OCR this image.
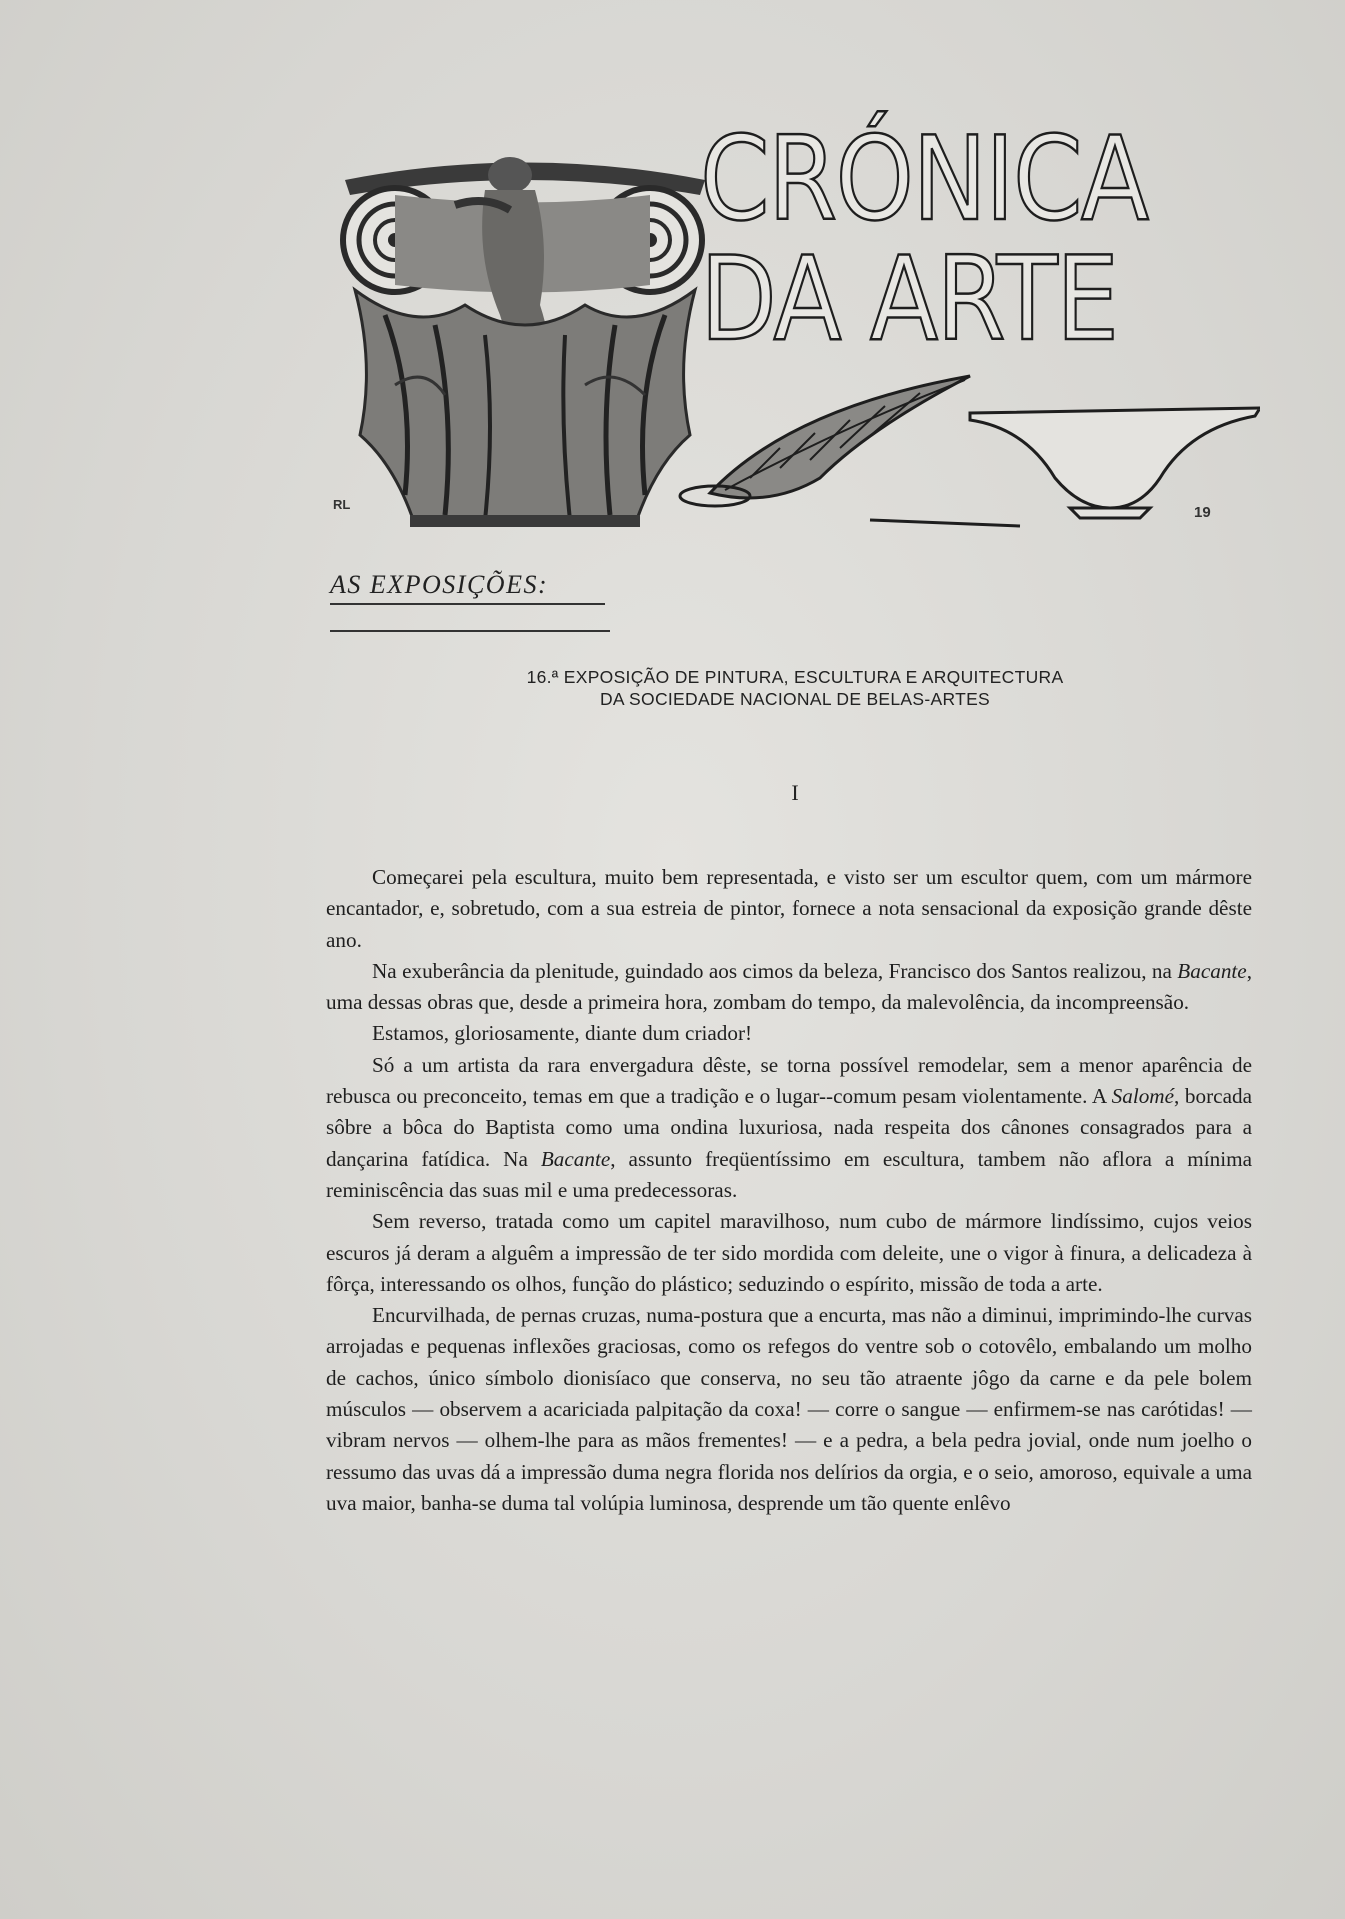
RL	19
CRÓNICA
DA ARTE
AS EXPOSIÇÕES:
16.ª EXPOSIÇÃO DE PINTURA, ESCULTURA E ARQUITECTURA
DA SOCIEDADE NACIONAL DE BELAS-ARTES
I

Começarei pela escultura, muito bem representada, e visto ser um escultor quem, com um mármore encantador, e, sobretudo, com a sua estreia de pintor, fornece a nota sensacional da exposição grande dêste ano.

Na exuberância da plenitude, guindado aos cimos da beleza, Francisco dos Santos realizou, na Bacante, uma dessas obras que, desde a primeira hora, zombam do tempo, da malevolência, da incompreensão.

Estamos, gloriosamente, diante dum criador!

Só a um artista da rara envergadura dêste, se torna possível remodelar, sem a menor aparência de rebusca ou preconceito, temas em que a tradição e o lugar--comum pesam violentamente. A Salomé, borcada sôbre a bôca do Baptista como uma ondina luxuriosa, nada respeita dos cânones consagrados para a dançarina fatídica. Na Bacante, assunto freqüentíssimo em escultura, tambem não aflora a mínima reminiscência das suas mil e uma predecessoras.

Sem reverso, tratada como um capitel maravilhoso, num cubo de mármore lindíssimo, cujos veios escuros já deram a alguêm a impressão de ter sido mordida com deleite, une o vigor à finura, a delicadeza à fôrça, interessando os olhos, função do plástico; seduzindo o espírito, missão de toda a arte.

Encurvilhada, de pernas cruzas, numa-postura que a encurta, mas não a diminui, imprimindo-lhe curvas arrojadas e pequenas inflexões graciosas, como os refegos do ventre sob o cotovêlo, embalando um molho de cachos, único símbolo dionisíaco que conserva, no seu tão atraente jôgo da carne e da pele bolem músculos — observem a acariciada palpitação da coxa! — corre o sangue — enfirmem-se nas carótidas! — vibram nervos — olhem-lhe para as mãos frementes! — e a pedra, a bela pedra jovial, onde num joelho o ressumo das uvas dá a impressão duma negra florida nos delírios da orgia, e o seio, amoroso, equivale a uma uva maior, banha-se duma tal volúpia luminosa, desprende um tão quente enlêvo
